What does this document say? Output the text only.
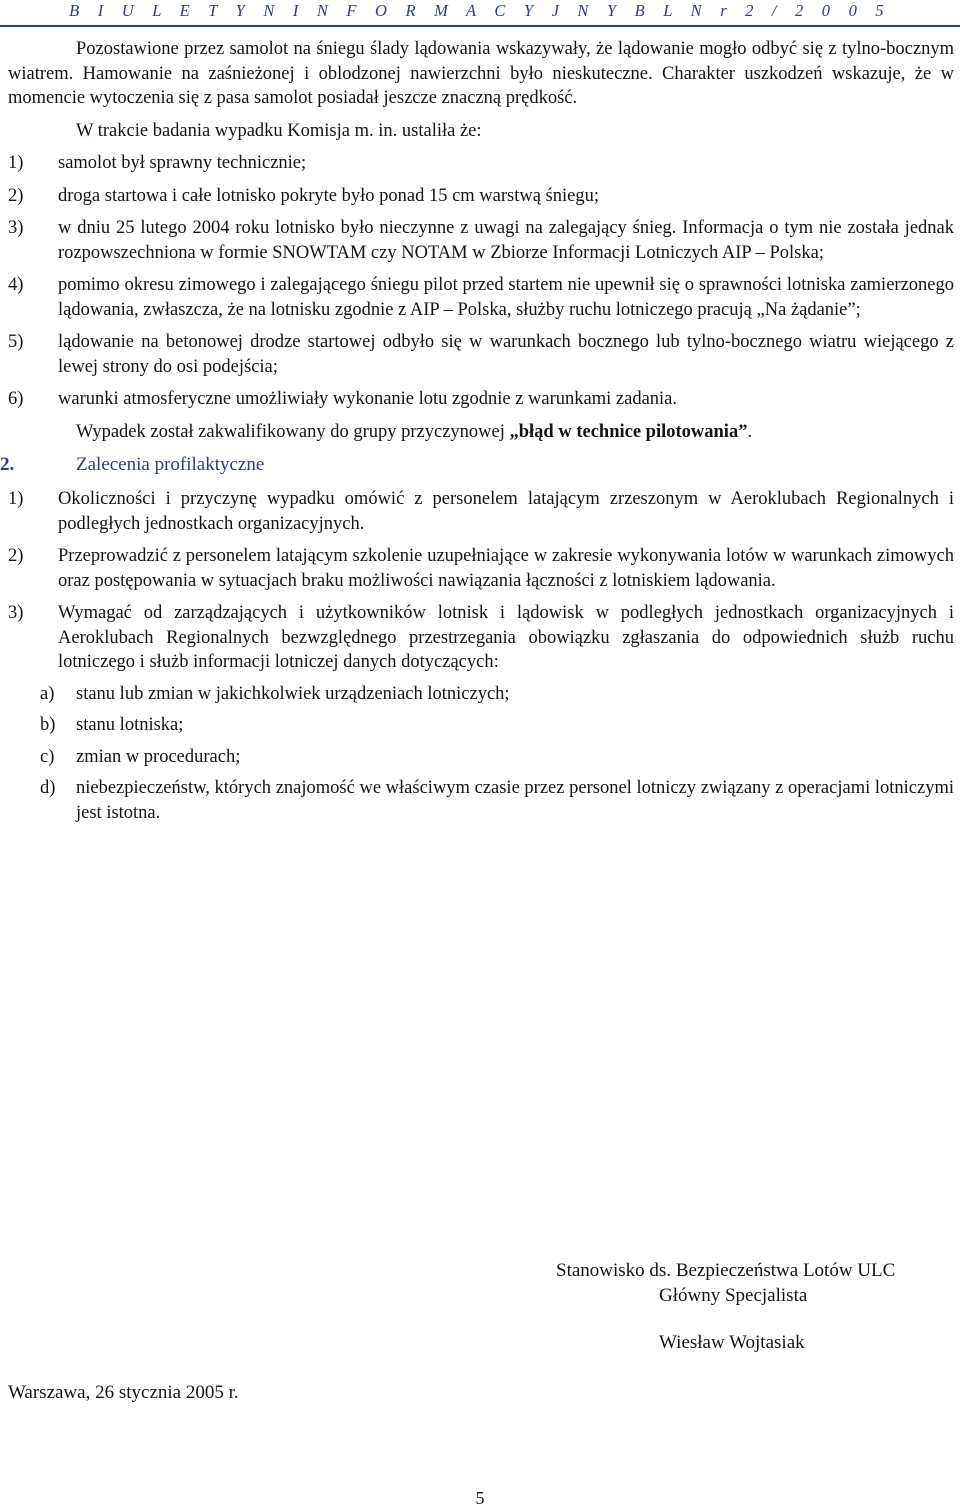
B I U L E T Y N I N F O R M A C Y J N Y B L N r 2 / 2 0 0 5

Pozostawione przez samolot na śniegu ślady lądowania wskazywały, że lądowanie mogło odbyć się z tylno-bocznym wiatrem. Hamowanie na zaśnieżonej i oblodzonej nawierzchni było nieskuteczne. Charakter uszkodzeń wskazuje, że w momencie wytoczenia się z pasa samolot posiadał jeszcze znaczną prędkość.

W trakcie badania wypadku Komisja m. in. ustaliła że:

1) samolot był sprawny technicznie;
2) droga startowa i całe lotnisko pokryte było ponad 15 cm warstwą śniegu;
3) w dniu 25 lutego 2004 roku lotnisko było nieczynne z uwagi na zalegający śnieg. Informacja o tym nie została jednak rozpowszechniona w formie SNOWTAM czy NOTAM w Zbiorze Informacji Lotniczych AIP – Polska;
4) pomimo okresu zimowego i zalegającego śniegu pilot przed startem nie upewnił się o sprawności lotniska zamierzonego lądowania, zwłaszcza, że na lotnisku zgodnie z AIP – Polska, służby ruchu lotniczego pracują „Na żądanie”;
5) lądowanie na betonowej drodze startowej odbyło się w warunkach bocznego lub tylno-bocznego wiatru wiejącego z lewej strony do osi podejścia;
6) warunki atmosferyczne umożliwiały wykonanie lotu zgodnie z warunkami zadania.

Wypadek został zakwalifikowany do grupy przyczynowej „błąd w technice pilotowania”.

2.	Zalecenia profilaktyczne
1) Okoliczności i przyczynę wypadku omówić z personelem latającym zrzeszonym w Aeroklubach Regionalnych i podległych jednostkach organizacyjnych.
2) Przeprowadzić z personelem latającym szkolenie uzupełniające w zakresie wykonywania lotów w warunkach zimowych oraz postępowania w sytuacjach braku możliwości nawiązania łączności z lotniskiem lądowania.
3) Wymagać od zarządzających i użytkowników lotnisk i lądowisk w podległych jednostkach organizacyjnych i Aeroklubach Regionalnych bezwzględnego przestrzegania obowiązku zgłaszania do odpowiednich służb ruchu lotniczego i służb informacji lotniczej danych dotyczących:
a) stanu lub zmian w jakichkolwiek urządzeniach lotniczych;
b) stanu lotniska;
c) zmian w procedurach;
d) niebezpieczeństw, których znajomość we właściwym czasie przez personel lotniczy związany z operacjami lotniczymi jest istotna.
Stanowisko ds. Bezpieczeństwa Lotów ULC
Główny Specjalista
Wiesław Wojtasiak
Warszawa, 26 stycznia 2005 r.
5
